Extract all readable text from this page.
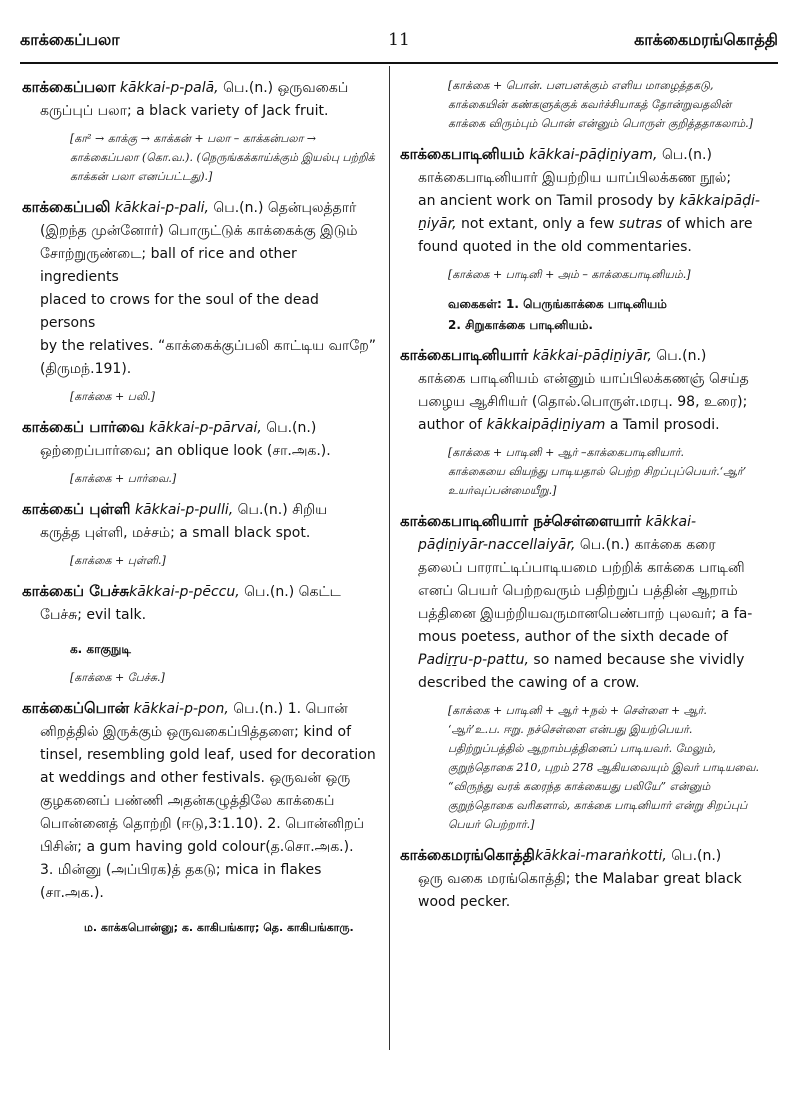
காக்கைப்பலா	11	காக்கைமரங்கொத்தி

காக்கைப்பலா kākkai-p-palā, பெ.(n.) ஒருவகைப்

கருப்புப் பலா; a black variety of Jack fruit.

[கா² → காக்கு → காக்கன் + பலா – காக்கன்பலா →
காக்கைப்பலா (கொ.வ.). (நெருங்கக்காய்க்கும் இயல்பு பற்றிக்
காக்கன் பலா எனப்பட்டது).]

காக்கைப்பலி kākkai-p-pali, பெ.(n.) தென்புலத்தார்

(இறந்த முன்னோர்) பொருட்டுக் காக்கைக்கு இடும்

சோற்றுருண்டை; ball of rice and other ingredients

placed to crows for the soul of the dead persons

by the relatives. “காக்கைக்குப்பலி காட்டிய வாறே”

(திருமந்.191).

[காக்கை + பலி.]

காக்கைப் பார்வை kākkai-p-pārvai, பெ.(n.)

ஒற்றைப்பார்வை; an oblique look (சா.அக.).

[காக்கை + பார்வை.]

காக்கைப் புள்ளி kākkai-p-pulli, பெ.(n.) சிறிய

கருத்த புள்ளி, மச்சம்; a small black spot.

[காக்கை + புள்ளி.]

காக்கைப் பேச்சுkākkai-p-pēccu, பெ.(n.) கெட்ட

பேச்சு; evil talk.

க. காகுநுடி
[காக்கை + பேச்சு.]

காக்கைப்பொன் kākkai-p-pon, பெ.(n.) 1. பொன்

னிறத்தில் இருக்கும் ஒருவகைப்பித்தளை; kind of

tinsel, resembling gold leaf, used for decoration

at weddings and other festivals. ஒருவன் ஒரு

குழகனைப் பண்ணி அதன்கழுத்திலே காக்கைப்

பொன்னைத் தொற்றி (ஈடு,3:1.10). 2. பொன்னிறப்

பிசின்; a gum having gold colour(த.சொ.அக.).

3. மின்னு (அப்பிரக)த் தகடு; mica in flakes

(சா.அக.).

ம. காக்கபொன்னு; க. காகிபங்கார; தெ. காகிபங்காரு.
[காக்கை + பொன். பளபளக்கும் எளிய மாழைத்தகடு,
காக்கையின் கண்களுக்குக் கவர்ச்சியாகத் தோன்றுவதலின்
காக்கை விரும்பும் பொன் என்னும் பொருள் குறித்ததாகலாம்.]

காக்கைபாடினியம் kākkai-pāḍiṉiyam, பெ.(n.)

காக்கைபாடினியார் இயற்றிய யாப்பிலக்கண நூல்;

an ancient work on Tamil prosody by kākkaipāḍi-

ṉiyār, not extant, only a few sutras of which are

found quoted in the old commentaries.

[காக்கை + பாடினி + அம் – காக்கைபாடினியம்.]
வகைகள்: 1. பெருங்காக்கை பாடினியம்
2. சிறுகாக்கை பாடினியம்.

காக்கைபாடினியார் kākkai-pāḍiṉiyār, பெ.(n.)

காக்கை பாடினியம் என்னும் யாப்பிலக்கணஞ் செய்த

பழைய ஆசிரியர் (தொல்.பொருள்.மரபு. 98, உரை);

author of kākkaipāḍiṉiyam a Tamil prosodi.

[காக்கை + பாடினி + ஆர் –காக்கைபாடினியார்.
காக்கையை வியந்து பாடியதால் பெற்ற சிறப்புப்பெயர்.‘ஆர்’
உயர்வுப்பன்மையீறு.]

காக்கைபாடினியார் நச்செள்ளையார் kākkai-

pāḍiṉiyār-naccellaiyār, பெ.(n.) காக்கை கரை

தலைப் பாராட்டிப்பாடியமை பற்றிக் காக்கை பாடினி

எனப் பெயர் பெற்றவரும் பதிற்றுப் பத்தின் ஆறாம்

பத்தினை இயற்றியவருமானபெண்பாற் புலவர்; a fa-

mous poetess, author of the sixth decade of

Padiṟṟu-p-pattu, so named because she vividly

described the cawing of a crow.

[காக்கை + பாடினி + ஆர் +நல் + செள்ளை + ஆர்.
‘ஆர்’உ.ப. ஈறு. நச்செள்ளை என்பது இயற்பெயர்.
பதிற்றுப்பத்தில் ஆறாம்பத்தினைப் பாடியவர். மேலும்,
குறுந்தொகை 210, புறம் 278 ஆகியவையும் இவர் பாடியவை.
“விருந்து வரக் கரைந்த காக்கையது பலியே” என்னும்
குறுந்தொகை வரிகளால், காக்கை பாடினியார் என்று சிறப்புப்
பெயர் பெற்றார்.]

காக்கைமரங்கொத்திkākkai-maraṅkotti, பெ.(n.)

ஒரு வகை மரங்கொத்தி; the Malabar great black

wood pecker.
